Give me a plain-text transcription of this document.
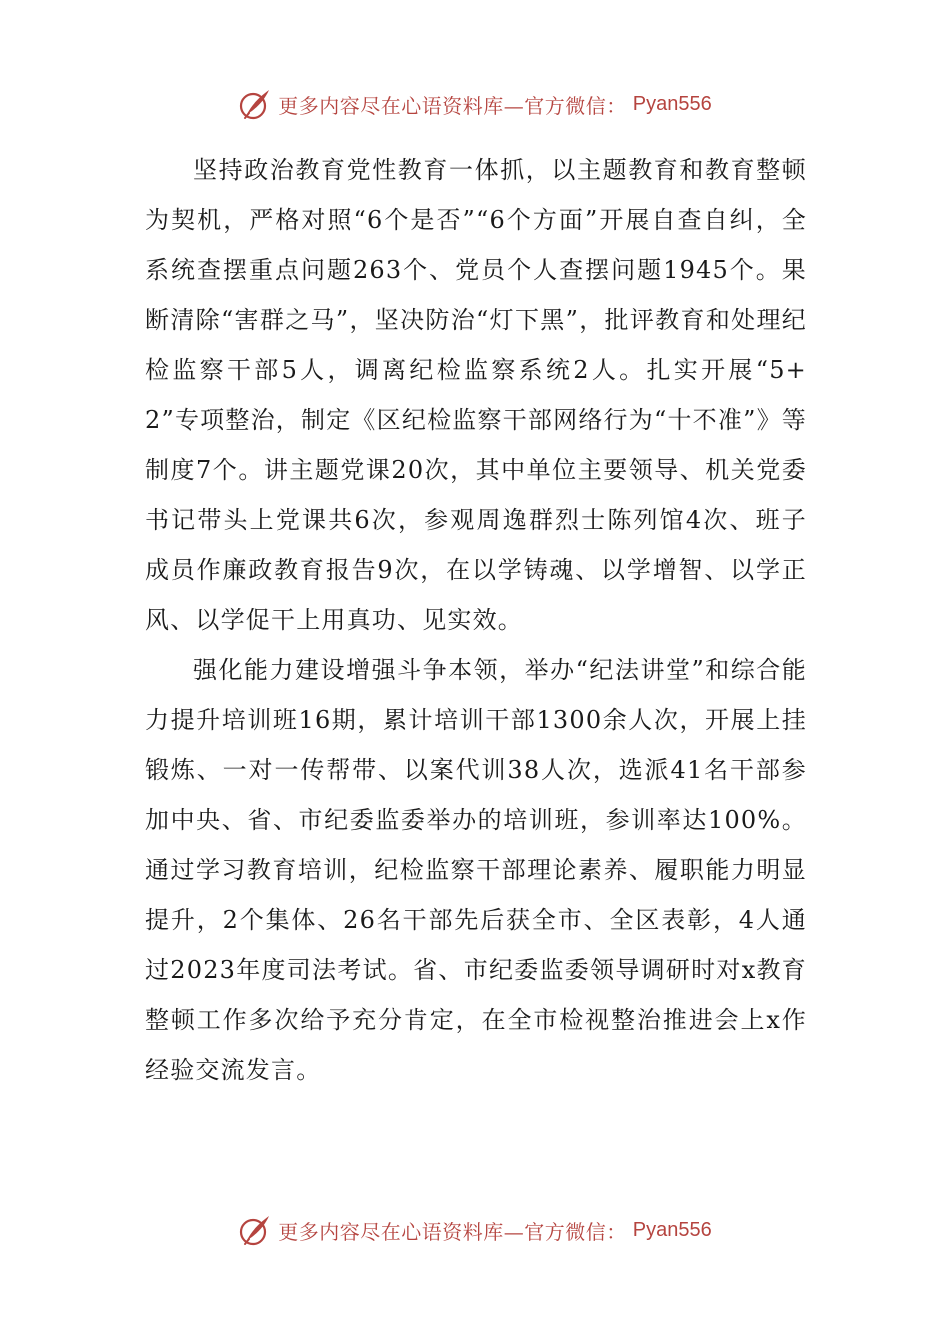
更多内容尽在心语资料库—官方微信： Pyan556

坚持政治教育党性教育一体抓，以主题教育和教育整顿为契机，严格对照“6个是否”“6个方面”开展自查自纠，全系统查摆重点问题263个、党员个人查摆问题1945个。果断清除“害群之马”，坚决防治“灯下黑”，批评教育和处理纪检监察干部5人，调离纪检监察系统2人。扎实开展“5+2”专项整治，制定《区纪检监察干部网络行为“十不准”》等制度7个。讲主题党课20次，其中单位主要领导、机关党委书记带头上党课共6次，参观周逸群烈士陈列馆4次、班子成员作廉政教育报告9次，在以学铸魂、以学增智、以学正风、以学促干上用真功、见实效。

强化能力建设增强斗争本领，举办“纪法讲堂”和综合能力提升培训班16期，累计培训干部1300余人次，开展上挂锻炼、一对一传帮带、以案代训38人次，选派41名干部参加中央、省、市纪委监委举办的培训班，参训率达100%。通过学习教育培训，纪检监察干部理论素养、履职能力明显提升，2个集体、26名干部先后获全市、全区表彰，4人通过2023年度司法考试。省、市纪委监委领导调研时对x教育整顿工作多次给予充分肯定，在全市检视整治推进会上x作经验交流发言。

更多内容尽在心语资料库—官方微信： Pyan556
